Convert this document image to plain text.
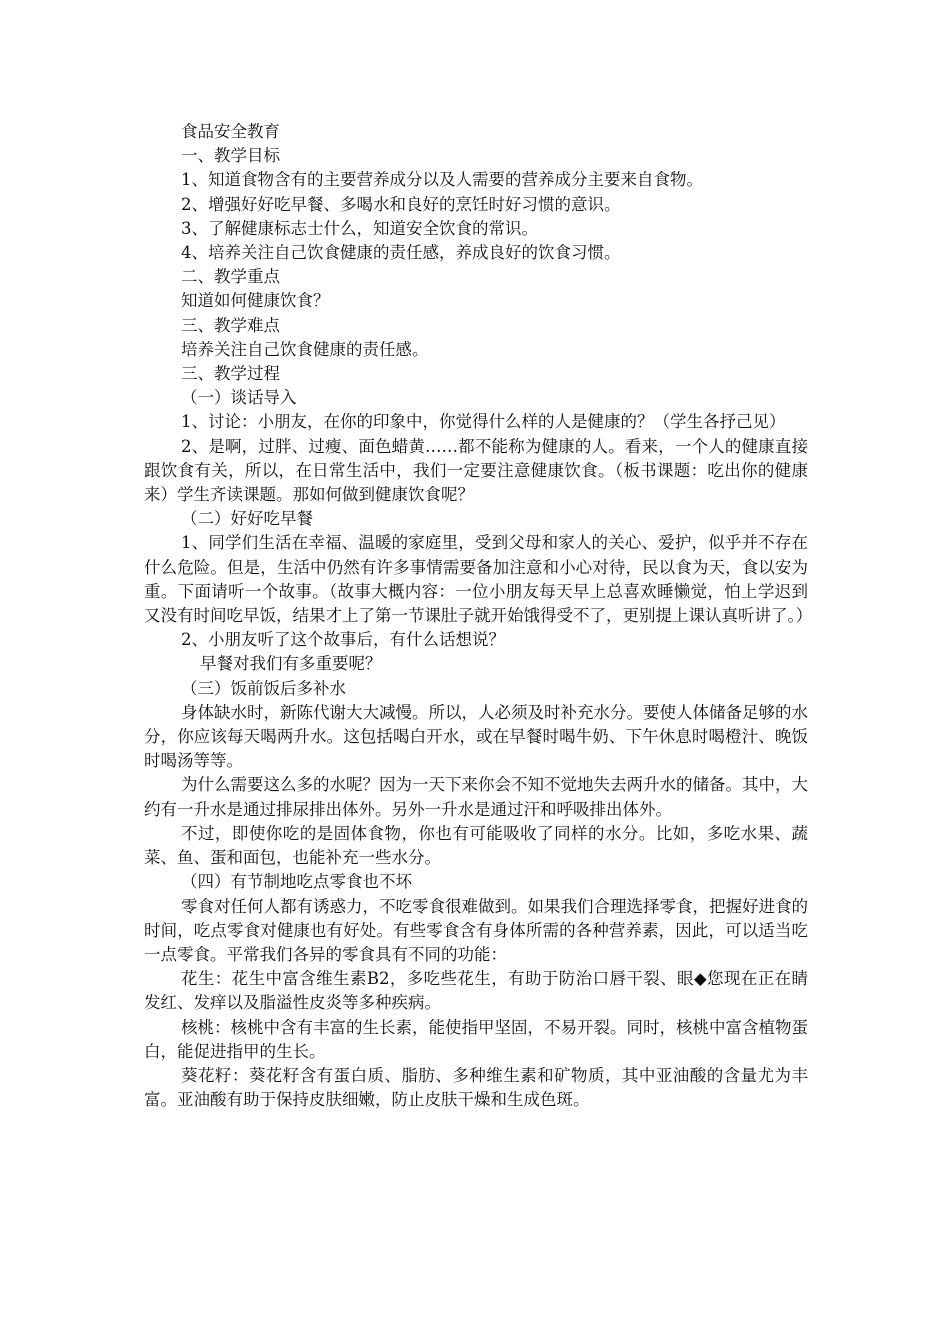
食品安全教育

一、教学目标

1、知道食物含有的主要营养成分以及人需要的营养成分主要来自食物。

2、增强好好吃早餐、多喝水和良好的烹饪时好习惯的意识。

3、了解健康标志士什么，知道安全饮食的常识。

4、培养关注自己饮食健康的责任感，养成良好的饮食习惯。

二、教学重点

知道如何健康饮食？

三、教学难点

培养关注自己饮食健康的责任感。

三、教学过程

（一）谈话导入

1、讨论：小朋友，在你的印象中，你觉得什么样的人是健康的？（学生各抒己见）

2、是啊，过胖、过瘦、面色蜡黄……都不能称为健康的人。看来，一个人的健康直接跟饮食有关，所以，在日常生活中，我们一定要注意健康饮食。（板书课题：吃出你的健康来）学生齐读课题。那如何做到健康饮食呢？

（二）好好吃早餐

1、同学们生活在幸福、温暖的家庭里，受到父母和家人的关心、爱护，似乎并不存在什么危险。但是，生活中仍然有许多事情需要备加注意和小心对待，民以食为天，食以安为重。下面请听一个故事。（故事大概内容：一位小朋友每天早上总喜欢睡懒觉，怕上学迟到又没有时间吃早饭，结果才上了第一节课肚子就开始饿得受不了，更别提上课认真听讲了。）

2、小朋友听了这个故事后，有什么话想说？

早餐对我们有多重要呢？

（三）饭前饭后多补水

身体缺水时，新陈代谢大大减慢。所以，人必须及时补充水分。要使人体储备足够的水分，你应该每天喝两升水。这包括喝白开水，或在早餐时喝牛奶、下午休息时喝橙汁、晚饭时喝汤等等。

为什么需要这么多的水呢？因为一天下来你会不知不觉地失去两升水的储备。其中，大约有一升水是通过排尿排出体外。另外一升水是通过汗和呼吸排出体外。

不过，即使你吃的是固体食物，你也有可能吸收了同样的水分。比如，多吃水果、蔬菜、鱼、蛋和面包，也能补充一些水分。

（四）有节制地吃点零食也不坏

零食对任何人都有诱惑力，不吃零食很难做到。如果我们合理选择零食，把握好进食的时间，吃点零食对健康也有好处。有些零食含有身体所需的各种营养素，因此，可以适当吃一点零食。平常我们各异的零食具有不同的功能：

花生：花生中富含维生素B2，多吃些花生，有助于防治口唇干裂、眼◆您现在正在睛发红、发痒以及脂溢性皮炎等多种疾病。

核桃：核桃中含有丰富的生长素，能使指甲坚固，不易开裂。同时，核桃中富含植物蛋白，能促进指甲的生长。

葵花籽：葵花籽含有蛋白质、脂肪、多种维生素和矿物质，其中亚油酸的含量尤为丰富。亚油酸有助于保持皮肤细嫩，防止皮肤干燥和生成色斑。
